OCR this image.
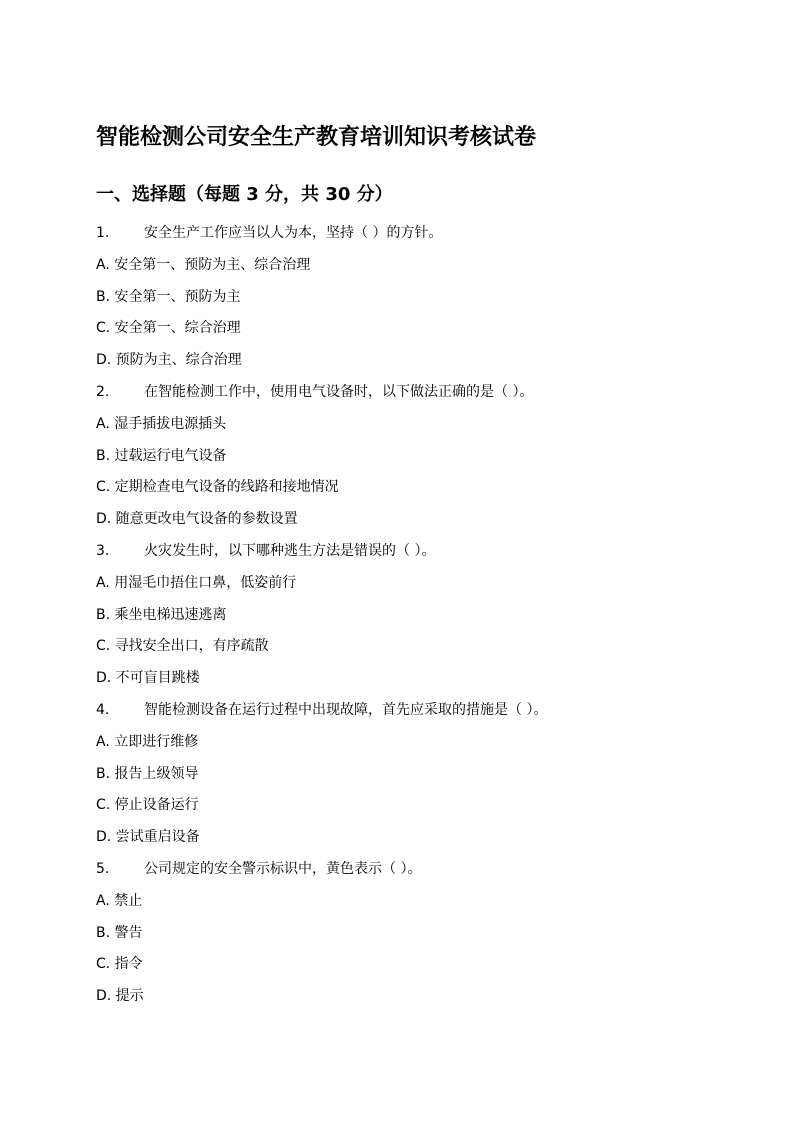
智能检测公司安全生产教育培训知识考核试卷
一、选择题（每题 3 分，共 30 分）
1. 安全生产工作应当以人为本，坚持（ ）的方针。
A. 安全第一、预防为主、综合治理
B. 安全第一、预防为主
C. 安全第一、综合治理
D. 预防为主、综合治理
2. 在智能检测工作中，使用电气设备时，以下做法正确的是（ ）。
A. 湿手插拔电源插头
B. 过载运行电气设备
C. 定期检查电气设备的线路和接地情况
D. 随意更改电气设备的参数设置
3. 火灾发生时，以下哪种逃生方法是错误的（ ）。
A. 用湿毛巾捂住口鼻，低姿前行
B. 乘坐电梯迅速逃离
C. 寻找安全出口，有序疏散
D. 不可盲目跳楼
4. 智能检测设备在运行过程中出现故障，首先应采取的措施是（ ）。
A. 立即进行维修
B. 报告上级领导
C. 停止设备运行
D. 尝试重启设备
5. 公司规定的安全警示标识中，黄色表示（ ）。
A. 禁止
B. 警告
C. 指令
D. 提示
